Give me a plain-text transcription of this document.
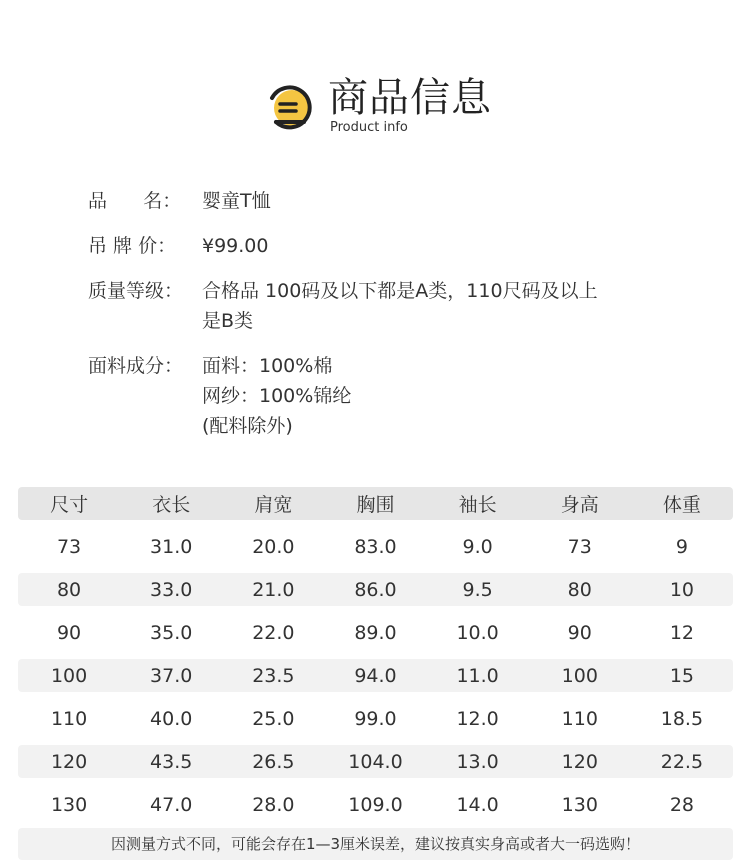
商品信息
Product info
品      名：	婴童T恤
吊 牌 价：	¥99.00
质量等级： 合格品 100码及以下都是A类，110尺码及以上
是B类
面料成分： 面料：100%棉
网纱：100%锦纶
(配料除外)
尺寸	衣长	肩宽	胸围	袖长	身高	体重
73	31.0	20.0	83.0	9.0	73	9
80	33.0	21.0	86.0	9.5	80	10
90	35.0	22.0	89.0	10.0	90	12
100	37.0	23.5	94.0	11.0	100	15
110	40.0	25.0	99.0	12.0	110	18.5
120	43.5	26.5	104.0	13.0	120	22.5
130	47.0	28.0	109.0	14.0	130	28
因测量方式不同，可能会存在1—3厘米误差，建议按真实身高或者大一码选购！
